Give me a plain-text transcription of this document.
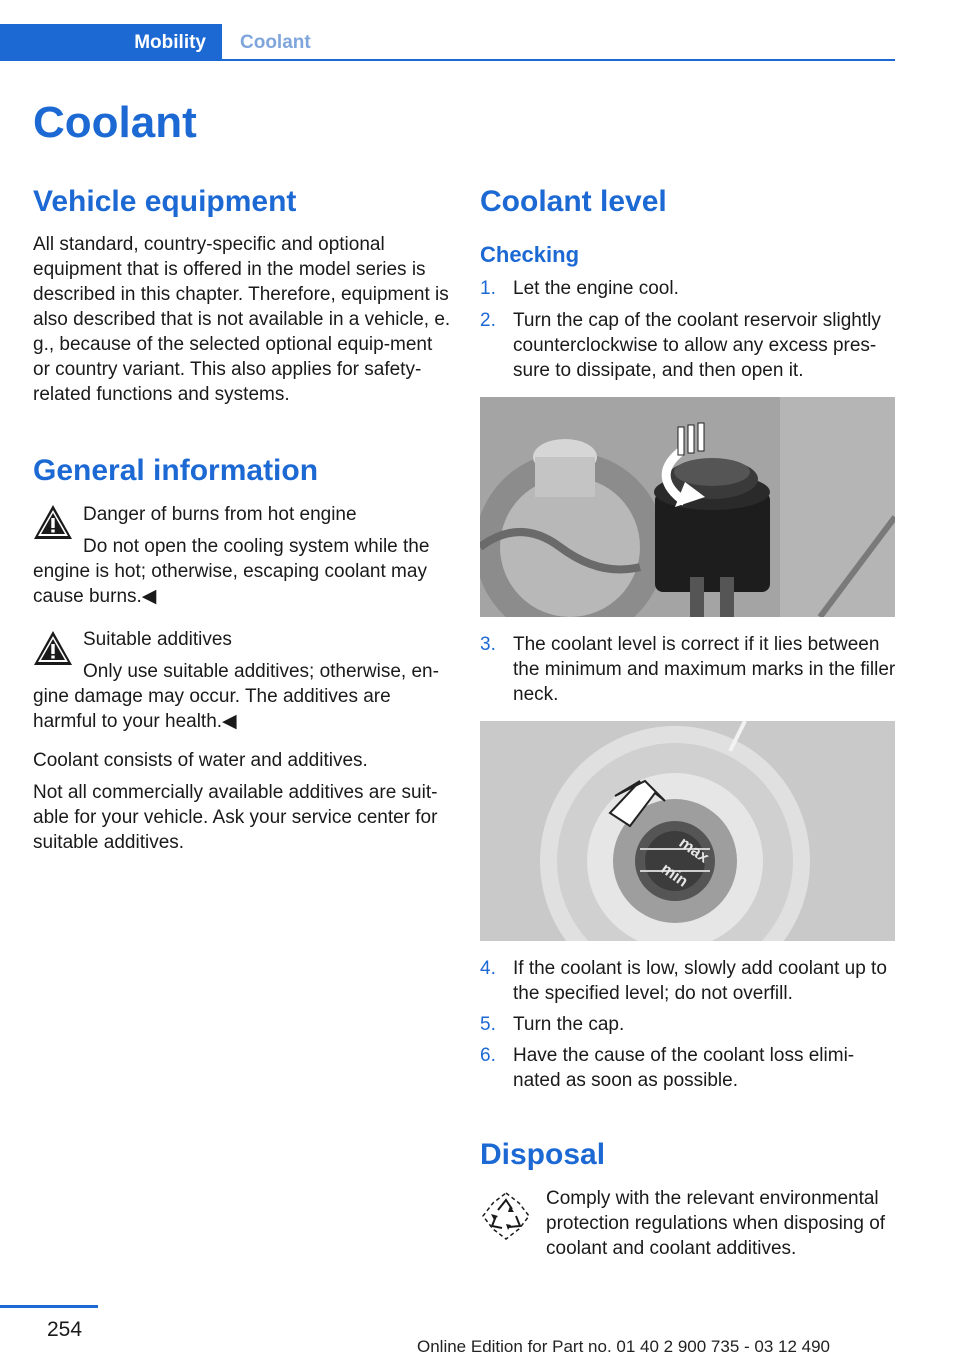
Mobility	Coolant
Coolant
Vehicle equipment

All standard, country-specific and optional equipment that is offered in the model series is described in this chapter. Therefore, equipment is also described that is not available in a vehicle, e. g., because of the selected optional equip-ment or country variant. This also applies for safety-related functions and systems.

General information

Danger of burns from hot engine

Do not open the cooling system while the engine is hot; otherwise, escaping coolant may cause burns.◀

Suitable additives

Only use suitable additives; otherwise, en-gine damage may occur. The additives are harmful to your health.◀

Coolant consists of water and additives.

Not all commercially available additives are suit-able for your vehicle. Ask your service center for suitable additives.

Coolant level
Checking
1. Let the engine cool.
2. Turn the cap of the coolant reservoir slightly counterclockwise to allow any excess pres-sure to dissipate, and then open it.
3. The coolant level is correct if it lies between the minimum and maximum marks in the filler neck.
max
min
4. If the coolant is low, slowly add coolant up to the specified level; do not overfill.
5. Turn the cap.
6. Have the cause of the coolant loss elimi-nated as soon as possible.
Disposal

Comply with the relevant environmental protection regulations when disposing of coolant and coolant additives.

254
Online Edition for Part no. 01 40 2 900 735 - 03 12 490
